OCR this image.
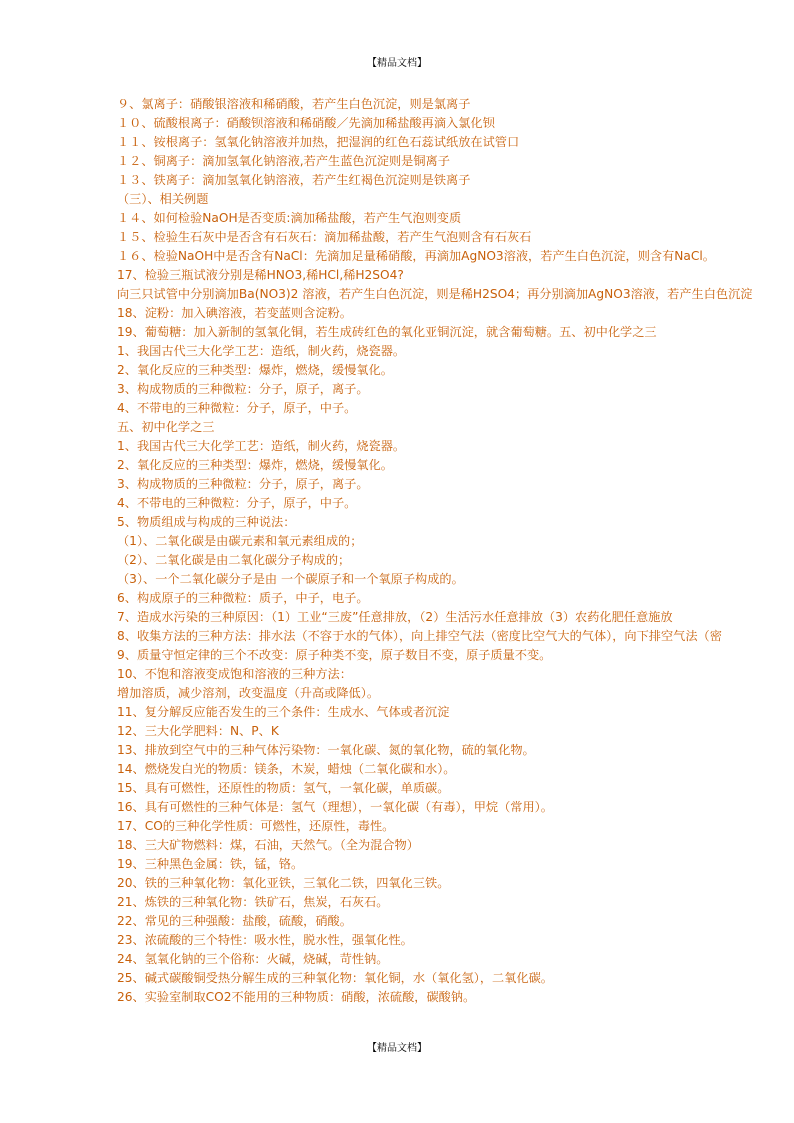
【精品文档】
９、氯离子：硝酸银溶液和稀硝酸，若产生白色沉淀，则是氯离子
１０、硫酸根离子：硝酸钡溶液和稀硝酸／先滴加稀盐酸再滴入氯化钡
１１、铵根离子：氢氧化钠溶液并加热，把湿润的红色石蕊试纸放在试管口
１２、铜离子：滴加氢氧化钠溶液,若产生蓝色沉淀则是铜离子
１３、铁离子：滴加氢氧化钠溶液，若产生红褐色沉淀则是铁离子
（三）、相关例题
１４、如何检验NaOH是否变质:滴加稀盐酸，若产生气泡则变质
１５、检验生石灰中是否含有石灰石：滴加稀盐酸，若产生气泡则含有石灰石
１６、检验NaOH中是否含有NaCl：先滴加足量稀硝酸，再滴加AgNO3溶液，若产生白色沉淀，则含有NaCl。
17、检验三瓶试液分别是稀HNO3,稀HCl,稀H2SO4?
向三只试管中分别滴加Ba(NO3)2 溶液，若产生白色沉淀，则是稀H2SO4；再分别滴加AgNO3溶液，若产生白色沉淀
18、淀粉：加入碘溶液，若变蓝则含淀粉。
19、葡萄糖：加入新制的氢氧化铜，若生成砖红色的氧化亚铜沉淀，就含葡萄糖。五、初中化学之三
1、我国古代三大化学工艺：造纸，制火药，烧瓷器。
2、氧化反应的三种类型：爆炸，燃烧，缓慢氧化。
3、构成物质的三种微粒：分子，原子，离子。
4、不带电的三种微粒：分子，原子，中子。
五、初中化学之三
1、我国古代三大化学工艺：造纸，制火药，烧瓷器。
2、氧化反应的三种类型：爆炸，燃烧，缓慢氧化。
3、构成物质的三种微粒：分子，原子，离子。
4、不带电的三种微粒：分子，原子，中子。
5、物质组成与构成的三种说法：
（1）、二氧化碳是由碳元素和氧元素组成的；
（2）、二氧化碳是由二氧化碳分子构成的；
（3）、一个二氧化碳分子是由 一个碳原子和一个氧原子构成的。
6、构成原子的三种微粒：质子，中子，电子。
7、造成水污染的三种原因：（1）工业“三废”任意排放，（2）生活污水任意排放（3）农药化肥任意施放
8、收集方法的三种方法：排水法（不容于水的气体），向上排空气法（密度比空气大的气体），向下排空气法（密
9、质量守恒定律的三个不改变：原子种类不变，原子数目不变，原子质量不变。
10、不饱和溶液变成饱和溶液的三种方法：
增加溶质，减少溶剂，改变温度（升高或降低）。
11、复分解反应能否发生的三个条件：生成水、气体或者沉淀
12、三大化学肥料：N、P、K
13、排放到空气中的三种气体污染物：一氧化碳、氮的氧化物，硫的氧化物。
14、燃烧发白光的物质：镁条，木炭，蜡烛（二氧化碳和水）。
15、具有可燃性，还原性的物质：氢气，一氧化碳，单质碳。
16、具有可燃性的三种气体是：氢气（理想），一氧化碳（有毒），甲烷（常用）。
17、CO的三种化学性质：可燃性，还原性，毒性。
18、三大矿物燃料：煤，石油，天然气。（全为混合物）
19、三种黑色金属：铁，锰，铬。
20、铁的三种氧化物：氧化亚铁，三氧化二铁，四氧化三铁。
21、炼铁的三种氧化物：铁矿石，焦炭，石灰石。
22、常见的三种强酸：盐酸，硫酸，硝酸。
23、浓硫酸的三个特性：吸水性，脱水性，强氧化性。
24、氢氧化钠的三个俗称：火碱，烧碱，苛性钠。
25、碱式碳酸铜受热分解生成的三种氧化物：氧化铜，水（氧化氢），二氧化碳。
26、实验室制取CO2不能用的三种物质：硝酸，浓硫酸，碳酸钠。
【精品文档】
